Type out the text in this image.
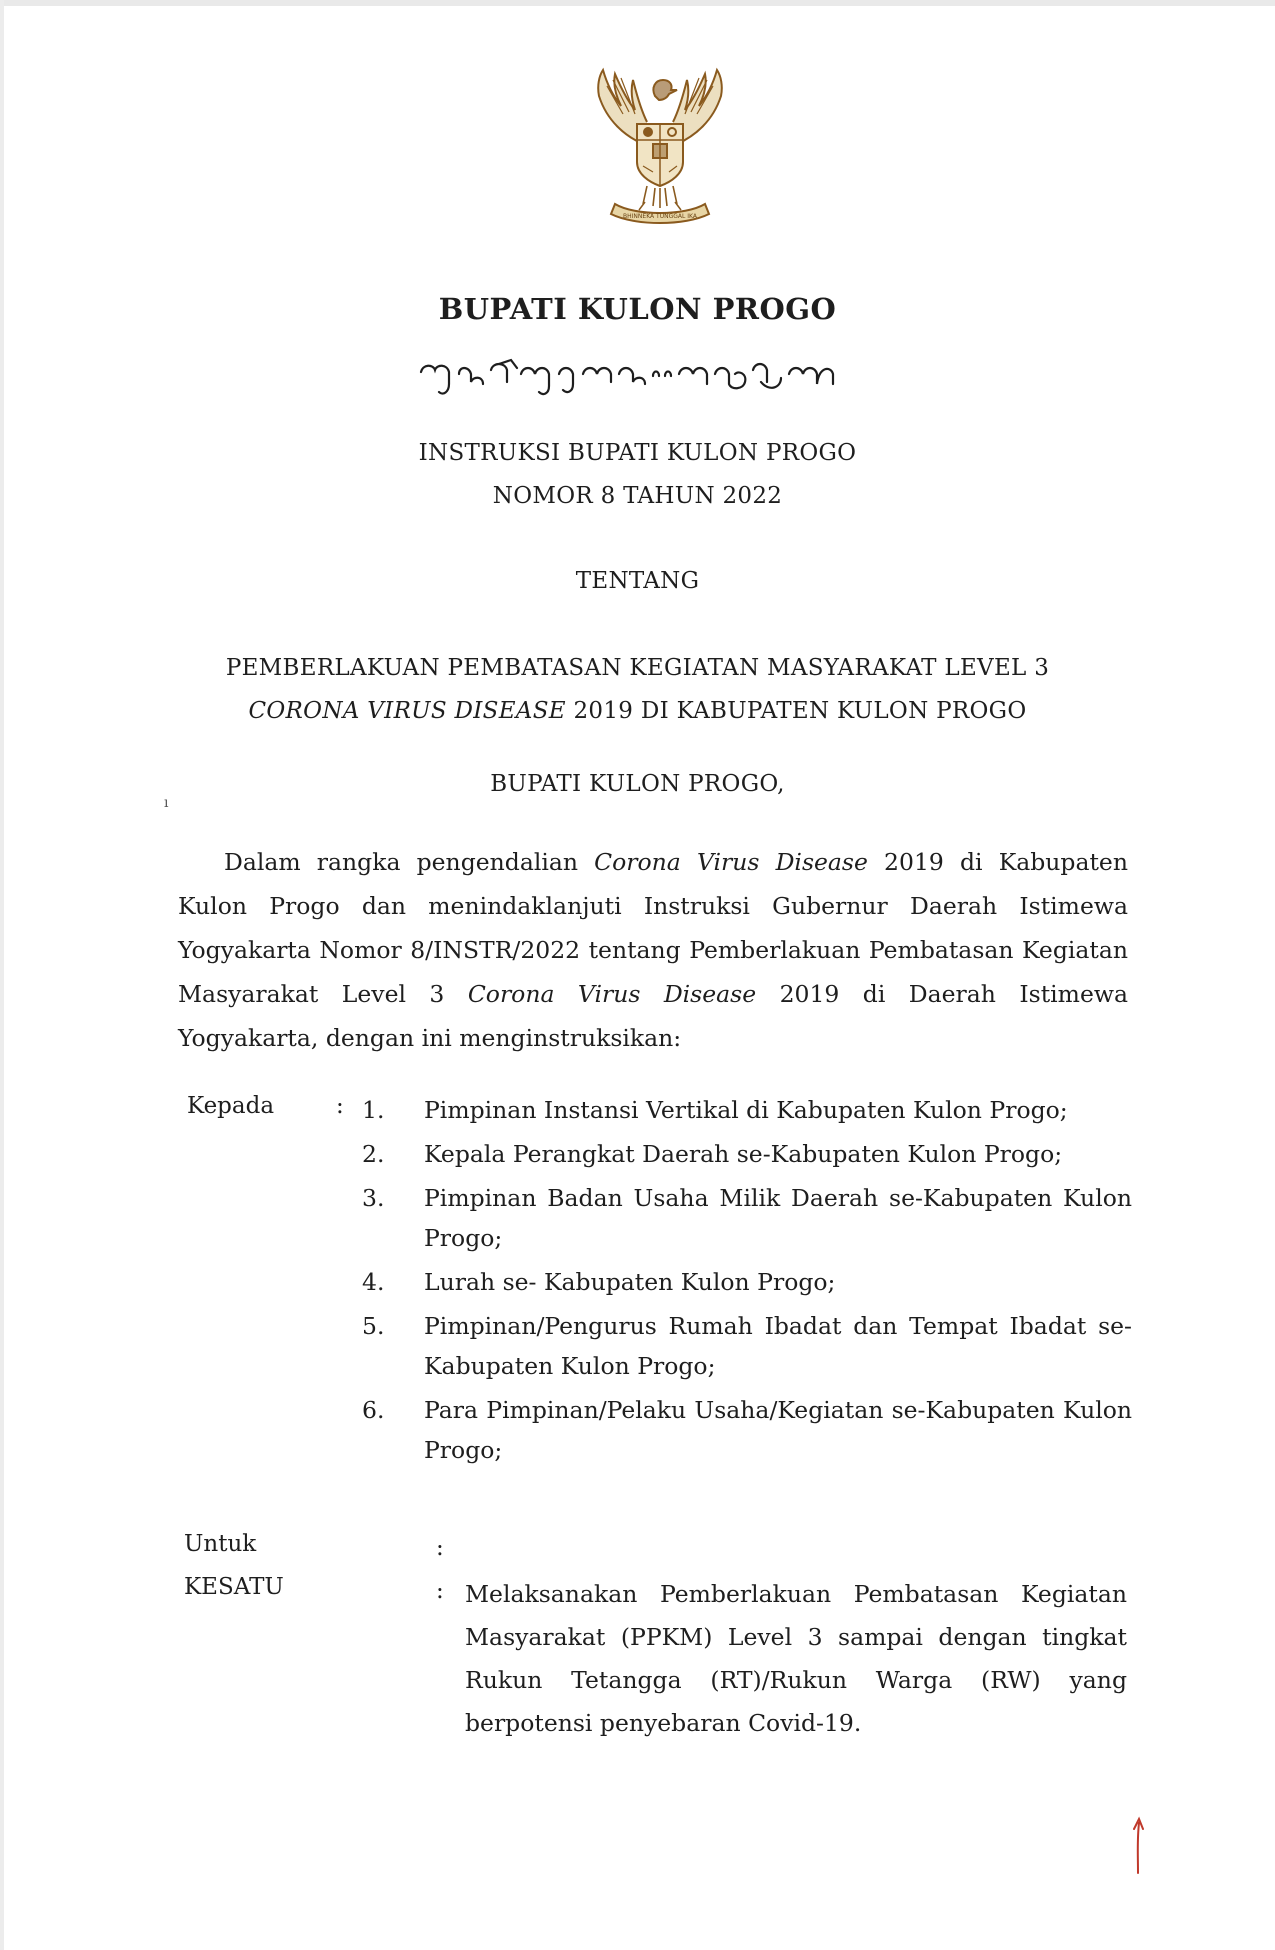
BHINNEKA TUNGGAL IKA
BUPATI KULON PROGO
INSTRUKSI BUPATI KULON PROGO
NOMOR 8 TAHUN 2022
TENTANG
PEMBERLAKUAN PEMBATASAN KEGIATAN MASYARAKAT LEVEL 3
CORONA VIRUS DISEASE 2019 DI KABUPATEN KULON PROGO
BUPATI KULON PROGO,
ı
Dalam rangka pengendalian Corona Virus Disease 2019 di Kabupaten Kulon Progo dan menindaklanjuti Instruksi Gubernur Daerah Istimewa Yogyakarta Nomor 8/INSTR/2022 tentang Pemberlakuan Pembatasan Kegiatan Masyarakat Level 3 Corona Virus Disease 2019 di Daerah Istimewa Yogyakarta, dengan ini menginstruksikan:
Kepada	: 1.	Pimpinan Instansi Vertikal di Kabupaten Kulon Progo;
2.	Kepala Perangkat Daerah se-Kabupaten Kulon Progo;
3.	Pimpinan Badan Usaha Milik Daerah se-Kabupaten Kulon Progo;
4.	Lurah se- Kabupaten Kulon Progo;
5.	Pimpinan/Pengurus Rumah Ibadat dan Tempat Ibadat se-Kabupaten Kulon Progo;
6.	Para Pimpinan/Pelaku Usaha/Kegiatan se-Kabupaten Kulon Progo;
Untuk	:
KESATU	: Melaksanakan Pemberlakuan Pembatasan Kegiatan Masyarakat (PPKM) Level 3 sampai dengan tingkat Rukun Tetangga (RT)/Rukun Warga (RW) yang berpotensi penyebaran Covid-19.
